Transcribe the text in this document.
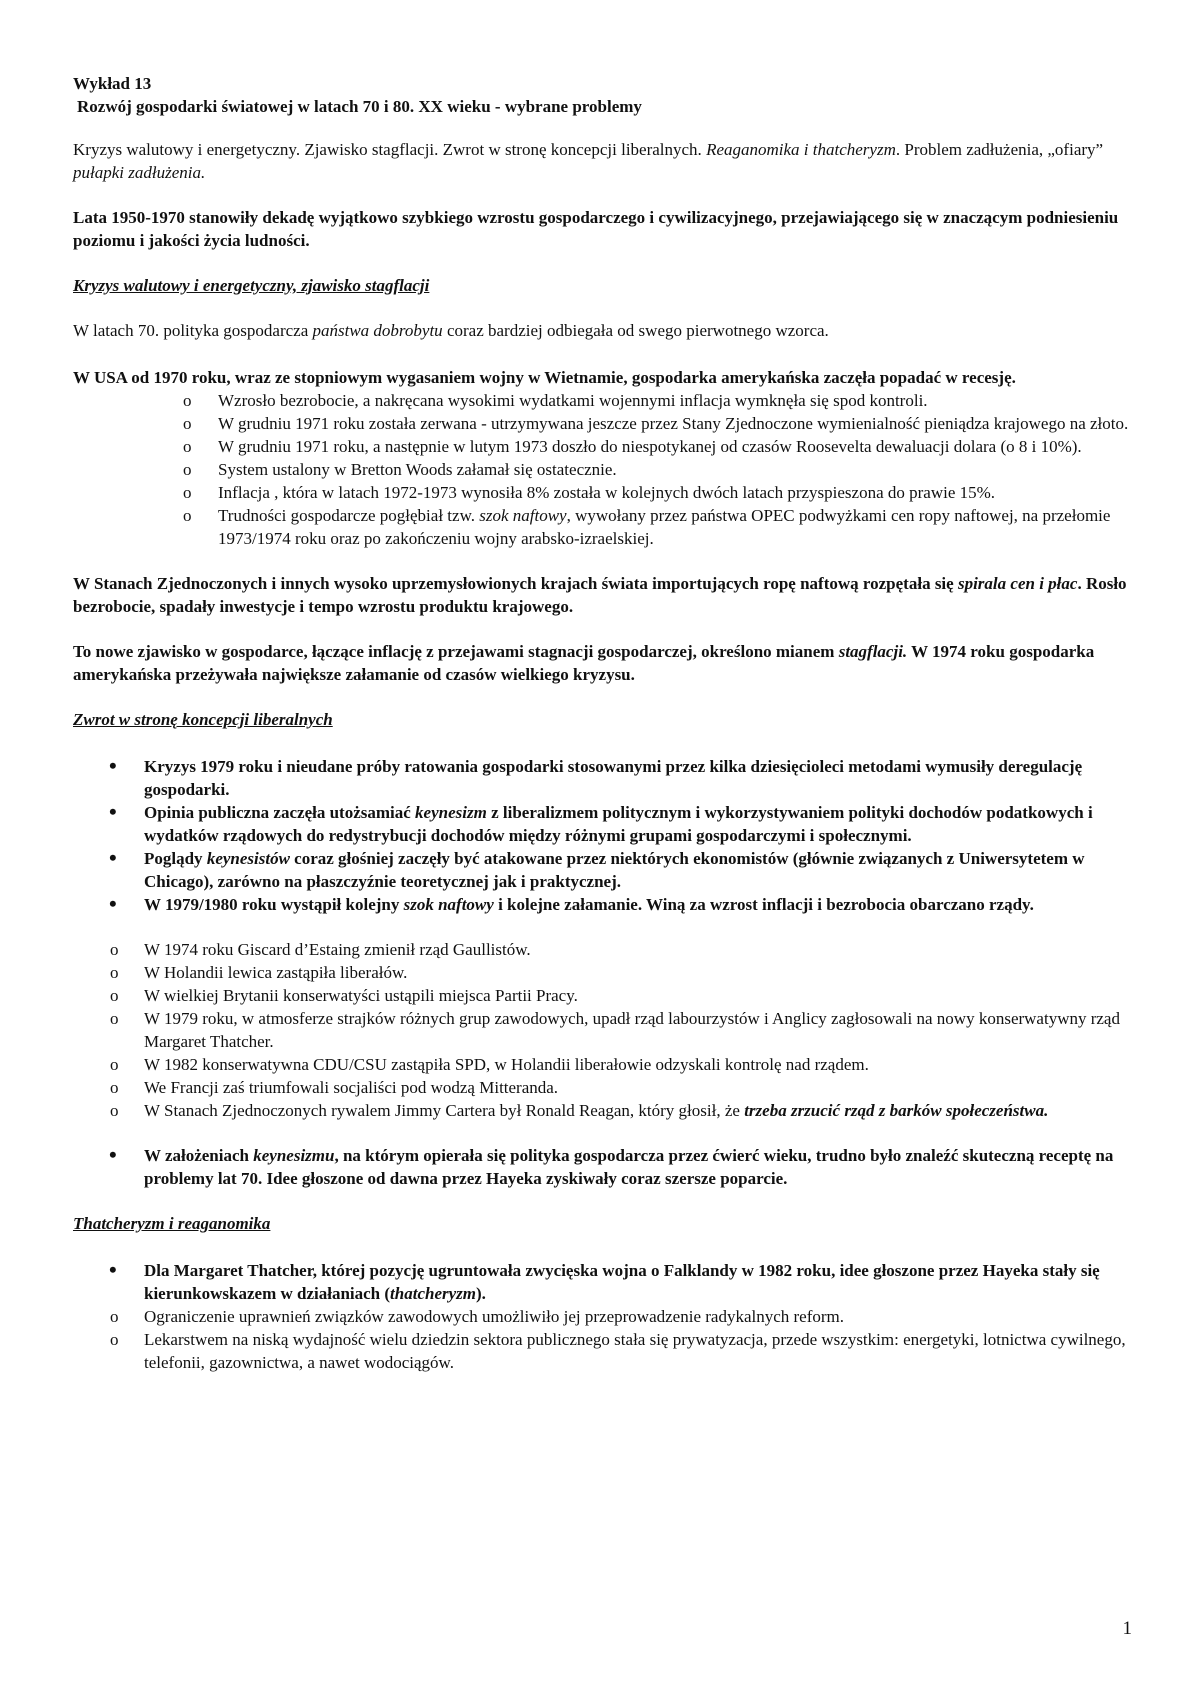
Wykład 13

Rozwój gospodarki światowej w latach 70 i 80. XX wieku - wybrane problemy

Kryzys walutowy i energetyczny. Zjawisko stagflacji. Zwrot w stronę koncepcji liberalnych. Reaganomika i thatcheryzm. Problem zadłużenia, „ofiary” pułapki zadłużenia.

Lata 1950-1970 stanowiły dekadę wyjątkowo szybkiego wzrostu gospodarczego i cywilizacyjnego, przejawiającego się w znaczącym podniesieniu poziomu i jakości życia ludności.

Kryzys walutowy i energetyczny, zjawisko stagflacji

W latach 70. polityka gospodarcza państwa dobrobytu coraz bardziej odbiegała od swego pierwotnego wzorca.

W USA od 1970 roku, wraz ze stopniowym wygasaniem wojny w Wietnamie, gospodarka amerykańska zaczęła popadać w recesję.

o Wzrosło bezrobocie, a nakręcana wysokimi wydatkami wojennymi inflacja wymknęła się spod kontroli.
o W grudniu 1971 roku została zerwana - utrzymywana jeszcze przez Stany Zjednoczone wymienialność pieniądza krajowego na złoto.
o W grudniu 1971 roku, a następnie w lutym 1973 doszło do niespotykanej od czasów Roosevelta dewaluacji dolara (o 8 i 10%).
o System ustalony w Bretton Woods załamał się ostatecznie.
o Inflacja , która w latach 1972-1973 wynosiła 8% została w kolejnych dwóch latach przyspieszona do prawie 15%.
o Trudności gospodarcze pogłębiał tzw. szok naftowy, wywołany przez państwa OPEC podwyżkami cen ropy naftowej, na przełomie 1973/1974 roku oraz po zakończeniu wojny arabsko-izraelskiej.

W Stanach Zjednoczonych i innych wysoko uprzemysłowionych krajach świata importujących ropę naftową rozpętała się spirala cen i płac. Rosło bezrobocie, spadały inwestycje i tempo wzrostu produktu krajowego.

To nowe zjawisko w gospodarce, łączące inflację z przejawami stagnacji gospodarczej, określono mianem stagflacji. W 1974 roku gospodarka amerykańska przeżywała największe załamanie od czasów wielkiego kryzysu.

Zwrot w stronę koncepcji liberalnych

• Kryzys 1979 roku i nieudane próby ratowania gospodarki stosowanymi przez kilka dziesięcioleci metodami wymusiły deregulację gospodarki.
• Opinia publiczna zaczęła utożsamiać keynesizm z liberalizmem politycznym i wykorzystywaniem polityki dochodów podatkowych i wydatków rządowych do redystrybucji dochodów między różnymi grupami gospodarczymi i społecznymi.
• Poglądy keynesistów coraz głośniej zaczęły być atakowane przez niektórych ekonomistów (głównie związanych z Uniwersytetem w Chicago), zarówno na płaszczyźnie teoretycznej jak i praktycznej.
• W 1979/1980 roku wystąpił kolejny szok naftowy i kolejne załamanie. Winą za wzrost inflacji i bezrobocia obarczano rządy.
o W 1974 roku Giscard d’Estaing zmienił rząd Gaullistów.
o W Holandii lewica zastąpiła liberałów.
o W wielkiej Brytanii konserwatyści ustąpili miejsca Partii Pracy.
o W 1979 roku, w atmosferze strajków różnych grup zawodowych, upadł rząd labourzystów i Anglicy zagłosowali na nowy konserwatywny rząd Margaret Thatcher.
o W 1982 konserwatywna CDU/CSU zastąpiła SPD, w Holandii liberałowie odzyskali kontrolę nad rządem.
o We Francji zaś triumfowali socjaliści pod wodzą Mitteranda.
o W Stanach Zjednoczonych rywalem Jimmy Cartera był Ronald Reagan, który głosił, że trzeba zrzucić rząd z barków społeczeństwa.
• W założeniach keynesizmu, na którym opierała się polityka gospodarcza przez ćwierć wieku, trudno było znaleźć skuteczną receptę na problemy lat 70. Idee głoszone od dawna przez Hayeka zyskiwały coraz szersze poparcie.

Thatcheryzm i reaganomika

• Dla Margaret Thatcher, której pozycję ugruntowała zwycięska wojna o Falklandy w 1982 roku, idee głoszone przez Hayeka stały się kierunkowskazem w działaniach (thatcheryzm).
o Ograniczenie uprawnień związków zawodowych umożliwiło jej przeprowadzenie radykalnych reform.
o Lekarstwem na niską wydajność wielu dziedzin sektora publicznego stała się prywatyzacja, przede wszystkim: energetyki, lotnictwa cywilnego, telefonii, gazownictwa, a nawet wodociągów.
1
